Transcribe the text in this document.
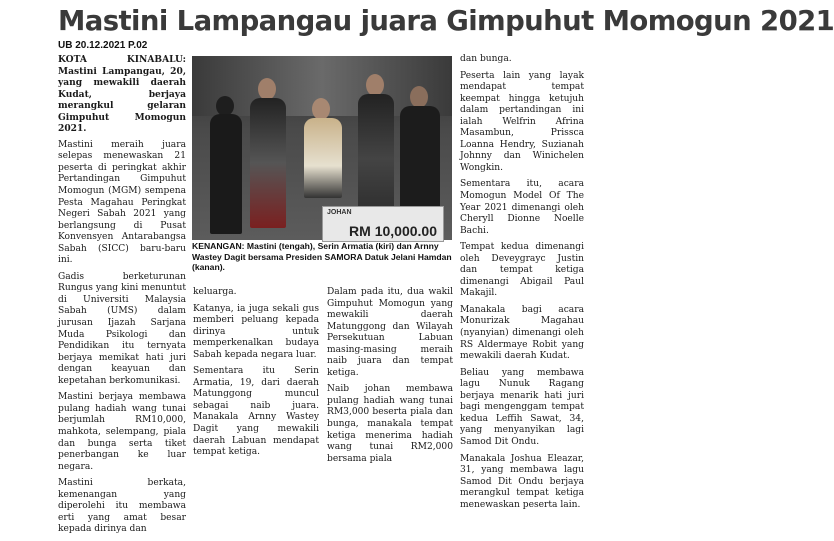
Mastini Lampangau juara Gimpuhut Momogun 2021
UB 20.12.2021 P.02

KOTA KINABALU: Mastini Lampangau, 20, yang mewakili daerah Kudat, berjaya merangkul gelaran Gimpuhut Momogun 2021.

Mastini meraih juara selepas menewaskan 21 peserta di peringkat akhir Pertandingan Gimpuhut Momogun (MGM) sempena Pesta Magahau Peringkat Negeri Sabah 2021 yang berlangsung di Pusat Konvensyen Antarabangsa Sabah (SICC) baru-baru ini.

Gadis berketurunan Rungus yang kini menuntut di Universiti Malaysia Sabah (UMS) dalam jurusan Ijazah Sarjana Muda Psikologi dan Pendidikan itu ternyata berjaya memikat hati juri dengan keayuan dan kepetahan berkomunikasi.

Mastini berjaya membawa pulang hadiah wang tunai berjumlah RM10,000, mahkota, selempang, piala dan bunga serta tiket penerbangan ke luar negara.

Mastini berkata, kemenangan yang diperolehi itu membawa erti yang amat besar kepada dirinya dan

JOHAN
RM 10,000.00
KENANGAN: Mastini (tengah), Serin Armatia (kiri) dan Arnny Wastey Dagit bersama Presiden SAMORA Datuk Jelani Hamdan (kanan).

keluarga.

Katanya, ia juga sekali gus memberi peluang kepada dirinya untuk memperkenalkan budaya Sabah kepada negara luar.

Sementara itu Serin Armatia, 19, dari daerah Matunggong muncul sebagai naib juara. Manakala Arnny Wastey Dagit yang mewakili daerah Labuan mendapat tempat ketiga.

Dalam pada itu, dua wakil Gimpuhut Momogun yang mewakili daerah Matunggong dan Wilayah Persekutuan Labuan masing-masing meraih naib juara dan tempat ketiga.

Naib johan membawa pulang hadiah wang tunai RM3,000 beserta piala dan bunga, manakala tempat ketiga menerima hadiah wang tunai RM2,000 bersama piala

dan bunga.

Peserta lain yang layak mendapat tempat keempat hingga ketujuh dalam pertandingan ini ialah Welfrin Afrina Masambun, Prissca Loanna Hendry, Suzianah Johnny dan Winichelen Wongkin.

Sementara itu, acara Momogun Model Of The Year 2021 dimenangi oleh Cheryll Dionne Noelle Bachi.

Tempat kedua dimenangi oleh Deveygrayc Justin dan tempat ketiga dimenangi Abigail Paul Makajil.

Manakala bagi acara Monurizak Magahau (nyanyian) dimenangi oleh RS Aldermaye Robit yang mewakili daerah Kudat.

Beliau yang membawa lagu Nunuk Ragang berjaya menarik hati juri bagi mengenggam tempat kedua Leffih Sawat, 34, yang menyanyikan lagi Samod Dit Ondu.

Manakala Joshua Eleazar, 31, yang membawa lagu Samod Dit Ondu berjaya merangkul tempat ketiga menewaskan peserta lain.
